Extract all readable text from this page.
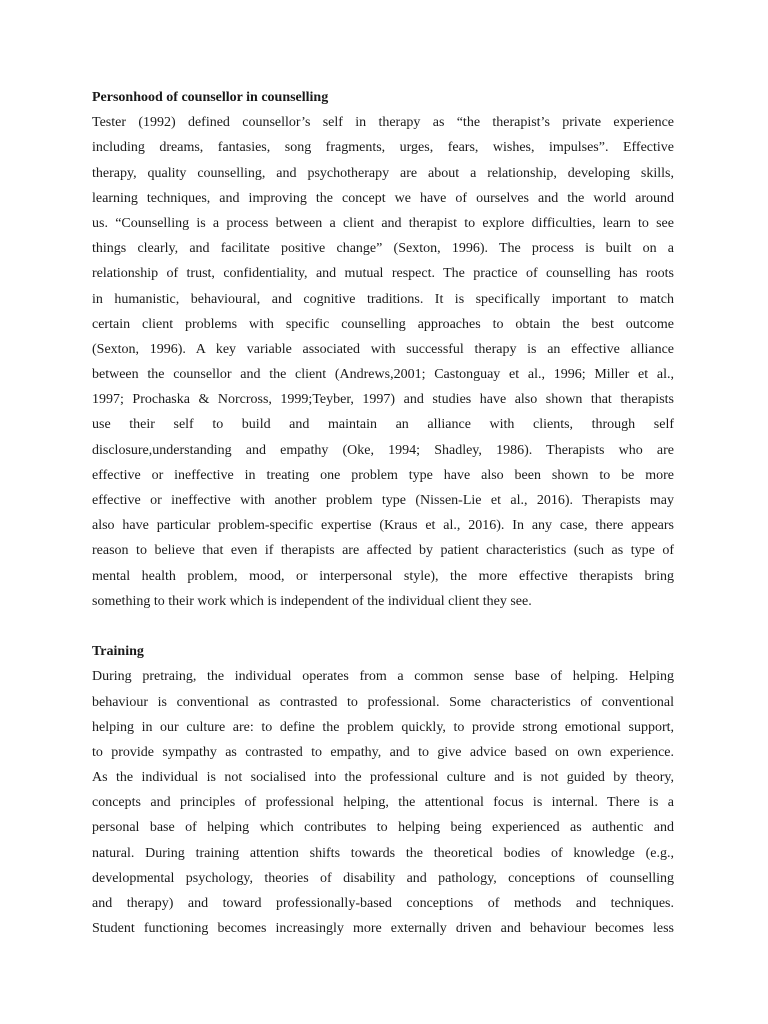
Personhood of counsellor in counselling
Tester (1992) defined counsellor’s self in therapy as “the therapist’s private experience
including dreams, fantasies, song fragments, urges, fears, wishes, impulses”. Effective
therapy, quality counselling, and psychotherapy are about a relationship, developing skills,
learning techniques, and improving the concept we have of ourselves and the world around
us. “Counselling is a process between a client and therapist to explore difficulties, learn to see
things clearly, and facilitate positive change” (Sexton, 1996). The process is built on a
relationship of trust, confidentiality, and mutual respect. The practice of counselling has roots
in humanistic, behavioural, and cognitive traditions. It is specifically important to match
certain client problems with specific counselling approaches to obtain the best outcome
(Sexton, 1996). A key variable associated with successful therapy is an effective alliance
between the counsellor and the client (Andrews,2001; Castonguay et al., 1996; Miller et al.,
1997; Prochaska & Norcross, 1999;Teyber, 1997) and studies have also shown that therapists
use their self to build and maintain an alliance with clients, through self
disclosure,understanding and empathy (Oke, 1994; Shadley, 1986). Therapists who are
effective or ineffective in treating one problem type have also been shown to be more
effective or ineffective with another problem type (Nissen-Lie et al., 2016). Therapists may
also have particular problem-specific expertise (Kraus et al., 2016). In any case, there appears
reason to believe that even if therapists are affected by patient characteristics (such as type of
mental health problem, mood, or interpersonal style), the more effective therapists bring
something to their work which is independent of the individual client they see.
Training
During pretraing, the individual operates from a common sense base of helping. Helping
behaviour is conventional as contrasted to professional. Some characteristics of conventional
helping in our culture are: to define the problem quickly, to provide strong emotional support,
to provide sympathy as contrasted to empathy, and to give advice based on own experience.
As the individual is not socialised into the professional culture and is not guided by theory,
concepts and principles of professional helping, the attentional focus is internal. There is a
personal base of helping which contributes to helping being experienced as authentic and
natural. During training attention shifts towards the theoretical bodies of knowledge (e.g.,
developmental psychology, theories of disability and pathology, conceptions of counselling
and therapy) and toward professionally-based conceptions of methods and techniques.
Student functioning becomes increasingly more externally driven and behaviour becomes less
